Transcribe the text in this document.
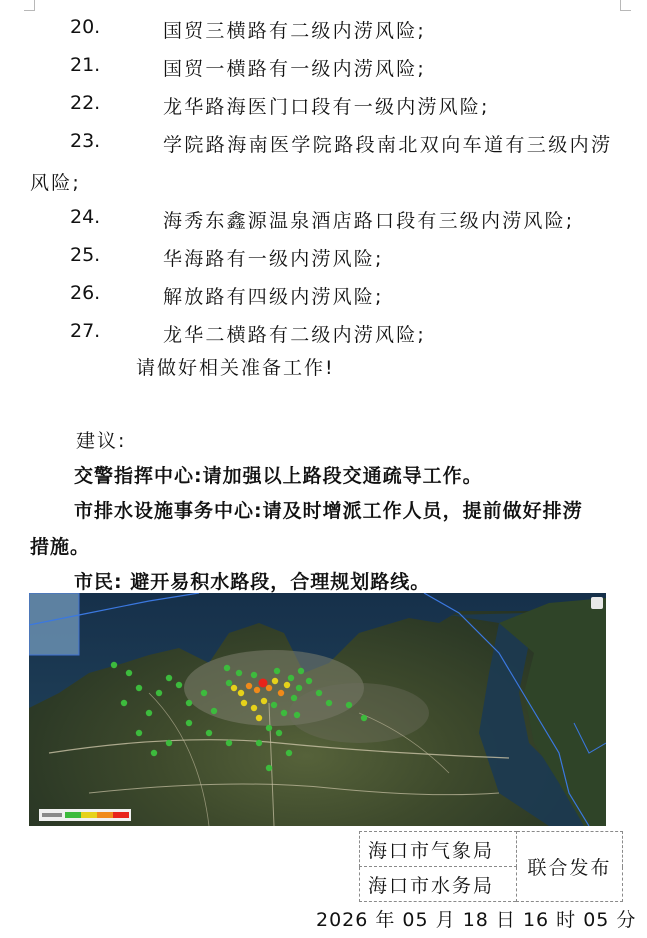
20.	国贸三横路有二级内涝风险;
21.	国贸一横路有一级内涝风险;
22.	龙华路海医门口段有一级内涝风险;
23.	学院路海南医学院路段南北双向车道有三级内涝
风险;
24.	海秀东鑫源温泉酒店路口段有三级内涝风险;
25.	华海路有一级内涝风险;
26.	解放路有四级内涝风险;
27.	龙华二横路有二级内涝风险;
请做好相关准备工作!
建议:
交警指挥中心:请加强以上路段交通疏导工作。
市排水设施事务中心:请及时增派工作人员，提前做好排涝
措施。
市民: 避开易积水路段，合理规划路线。
海口市气象局	联合发布
海口市水务局
2026 年 05 月 18 日 16 时 05 分
